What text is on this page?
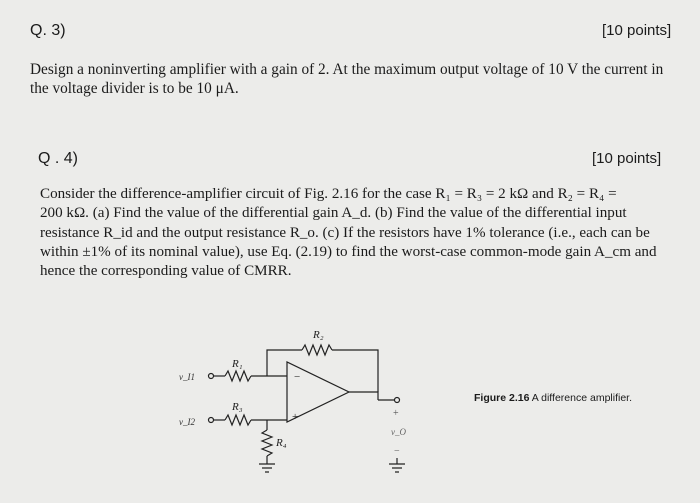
Q. 3)	[10 points]
Design a noninverting amplifier with a gain of 2. At the maximum output voltage of 10 V the current in
the voltage divider is to be 10 μA.
Q . 4)	[10 points]
Consider the difference-amplifier circuit of Fig. 2.16 for the case R₁ = R₃ = 2 kΩ and R₂ = R₄ =
200 kΩ. (a) Find the value of the differential gain A_d. (b) Find the value of the differential input
resistance R_id and the output resistance R_o. (c) If the resistors have 1% tolerance (i.e., each can be
within ±1% of its nominal value), use Eq. (2.19) to find the worst-case common-mode gain A_cm and
hence the corresponding value of CMRR.
R₂
−
+
v_I1
R₁
v_I2
R₃
R₄
+
v_O
−
Figure 2.16 A difference amplifier.
